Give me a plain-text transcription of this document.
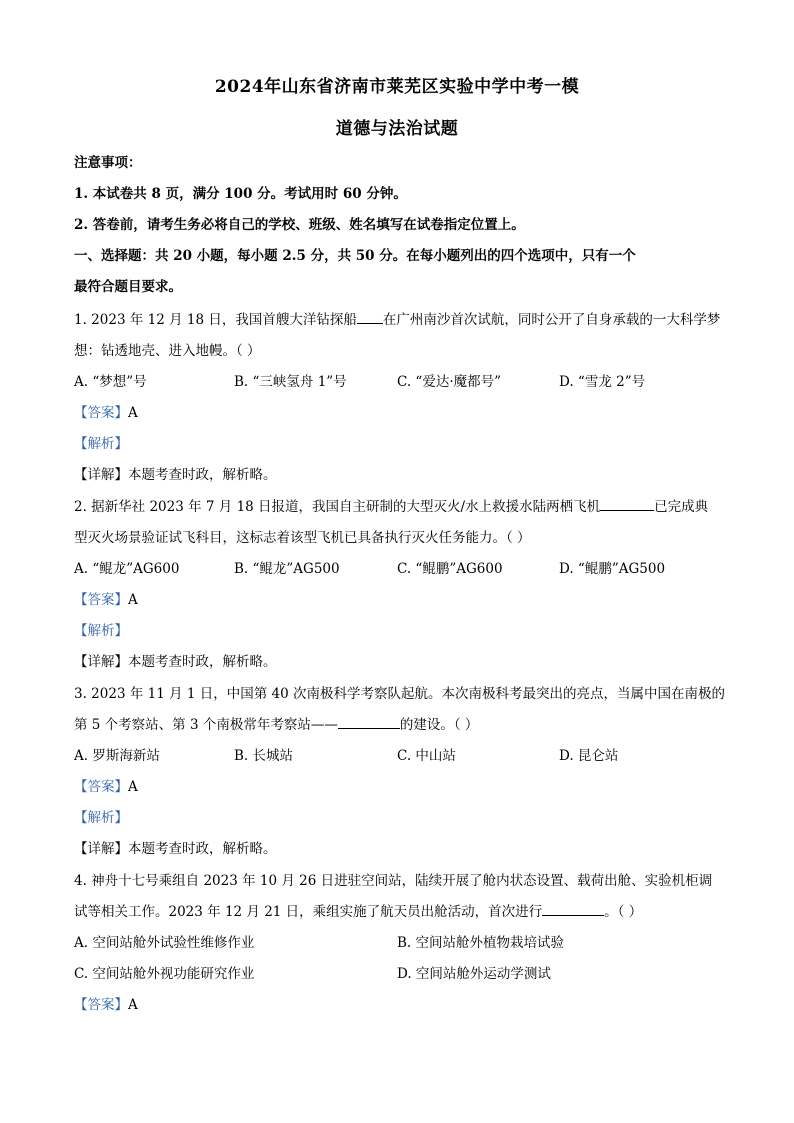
2024年山东省济南市莱芜区实验中学中考一模
道德与法治试题
注意事项：
1. 本试卷共 8 页，满分 100 分。考试用时 60 分钟。
2. 答卷前，请考生务必将自己的学校、班级、姓名填写在试卷指定位置上。
一、选择题：共 20 小题，每小题 2.5 分，共 50 分。在每小题列出的四个选项中，只有一个
最符合题目要求。
1. 2023 年 12 月 18 日，我国首艘大洋钻探船 在广州南沙首次试航，同时公开了自身承载的一大科学梦
想：钻透地壳、进入地幔。（ ）
A. “梦想”号	B. “三峡氢舟 1”号	C. “爱达·魔都号”	D. “雪龙 2”号
【答案】A
【解析】
【详解】本题考查时政，解析略。
2. 据新华社 2023 年 7 月 18 日报道，我国自主研制的大型灭火/水上救援水陆两栖飞机	已完成典
型灭火场景验证试飞科目，这标志着该型飞机已具备执行灭火任务能力。（ ）
A. “鲲龙”AG600	B. “鲲龙”AG500	C. “鲲鹏”AG600	D. “鲲鹏”AG500
【答案】A
【解析】
【详解】本题考查时政，解析略。
3. 2023 年 11 月 1 日，中国第 40 次南极科学考察队起航。本次南极科考最突出的亮点，当属中国在南极的
第 5 个考察站、第 3 个南极常年考察站——	的建设。（ ）
A. 罗斯海新站	B. 长城站	C. 中山站	D. 昆仑站
【答案】A
【解析】
【详解】本题考查时政，解析略。
4. 神舟十七号乘组自 2023 年 10 月 26 日进驻空间站，陆续开展了舱内状态设置、载荷出舱、实验机柜调
试等相关工作。2023 年 12 月 21 日，乘组实施了航天员出舱活动，首次进行	。（ ）
A. 空间站舱外试验性维修作业	B. 空间站舱外植物栽培试验
C. 空间站舱外视功能研究作业	D. 空间站舱外运动学测试
【答案】A
